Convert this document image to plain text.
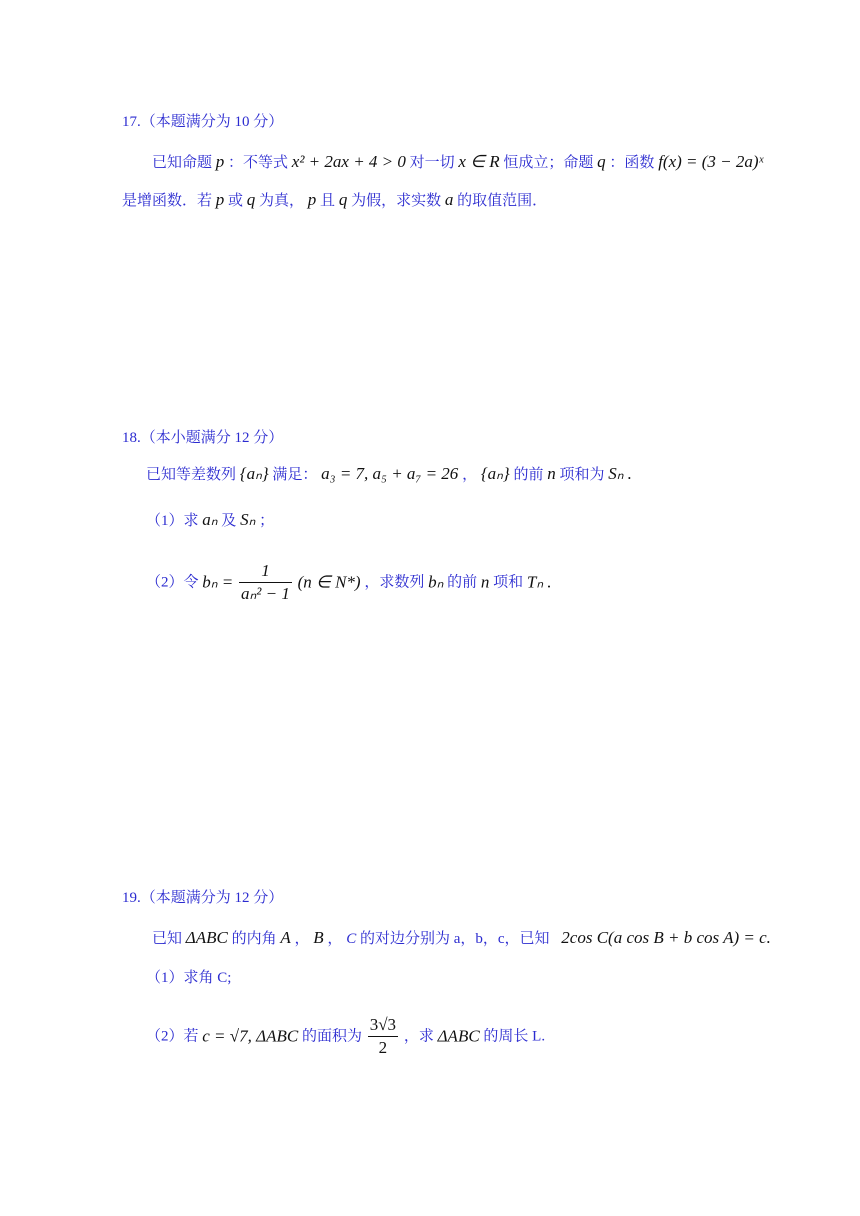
17.（本题满分为 10 分）
已知命题 p ：不等式 x² + 2ax + 4 > 0 对一切 x ∈ R 恒成立；命题 q ：函数 f(x) = (3 − 2a)ˣ
是增函数．若 p 或 q 为真， p 且 q 为假，求实数 a 的取值范围．
18.（本小题满分 12 分）
已知等差数列 {aₙ} 满足： a₃ = 7, a₅ + a₇ = 26 ， {aₙ} 的前 n 项和为 Sₙ .
（1）求 aₙ 及 Sₙ ；
（2）令 $b_n = \frac{1}{\text{aₙ² − 1}} (n$ ∈ N*) ，求数列 bₙ 的前 n 项和 Tₙ .
19.（本题满分为 12 分）
已知 ΔABC 的内角 A ， B ， C 的对边分别为 a，b，c，已知 2cos C(a cos B + b cos A) = c.
（1）求角 C;
（2）若 c = √7, ΔABC 的面积为 $\frac{3√3}{2}$ ，求 ΔABC 的周长 L.
